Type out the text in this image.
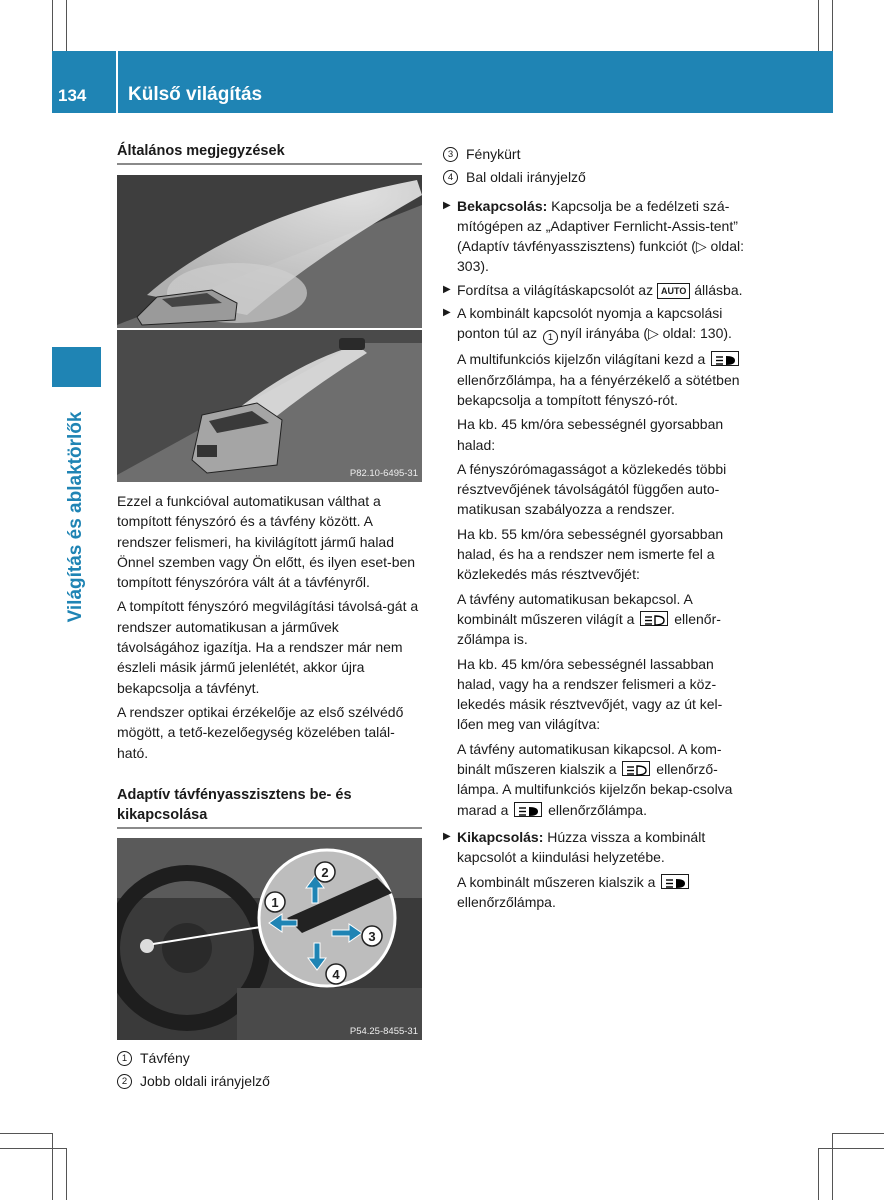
134 Külső világítás
Világítás és ablaktörlők
Általános megjegyzések
P82.10-6495-31

Ezzel a funkcióval automatikusan válthat a tompított fényszóró és a távfény között. A rendszer felismeri, ha kivilágított jármű halad Önnel szemben vagy Ön előtt, és ilyen eset-ben tompított fényszóróra vált át a távfényről.

A tompított fényszóró megvilágítási távolsá-gát a rendszer automatikusan a járművek távolságához igazítja. Ha a rendszer már nem észleli másik jármű jelenlétét, akkor újra bekapcsolja a távfényt.

A rendszer optikai érzékelője az első szélvédő mögött, a tető-kezelőegység közelében talál-ható.

Adaptív távfényasszisztens be- és kikapcsolása
1
2
3
4
P54.25-8455-31
1 Távfény
2 Jobb oldali irányjelző
3 Fénykürt
4 Bal oldali irányjelző
▶ Bekapcsolás: Kapcsolja be a fedélzeti szá-mítógépen az „Adaptiver Fernlicht-Assis-tent” (Adaptív távfényasszisztens) funkciót (▷ oldal: 303).

▶ Fordítsa a világításkapcsolót az AUTO állásba.

▶ A kombinált kapcsolót nyomja a kapcsolási ponton túl az 1 nyíl irányába (▷ oldal: 130).

A multifunkciós kijelzőn világítani kezd a  ellenőrzőlámpa, ha a fényérzékelő a sötétben bekapcsolja a tompított fényszó-rót.

Ha kb. 45 km/óra sebességnél gyorsabban halad:

A fényszórómagasságot a közlekedés többi résztvevőjének távolságától függően auto-matikusan szabályozza a rendszer.

Ha kb. 55 km/óra sebességnél gyorsabban halad, és ha a rendszer nem ismerte fel a közlekedés más résztvevőjét:

A távfény automatikusan bekapcsol. A kombinált műszeren világít a	ellenőr-zőlámpa is.

Ha kb. 45 km/óra sebességnél lassabban halad, vagy ha a rendszer felismeri a köz-lekedés másik résztvevőjét, vagy az út kel-lően meg van világítva:

A távfény automatikusan kikapcsol. A kom-binált műszeren kialszik a	ellenőrző-lámpa. A multifunkciós kijelzőn bekap-csolva marad a	ellenőrzőlámpa.

▶ Kikapcsolás: Húzza vissza a kombinált kapcsolót a kiindulási helyzetébe.

A kombinált műszeren kialszik a  ellenőrzőlámpa.
